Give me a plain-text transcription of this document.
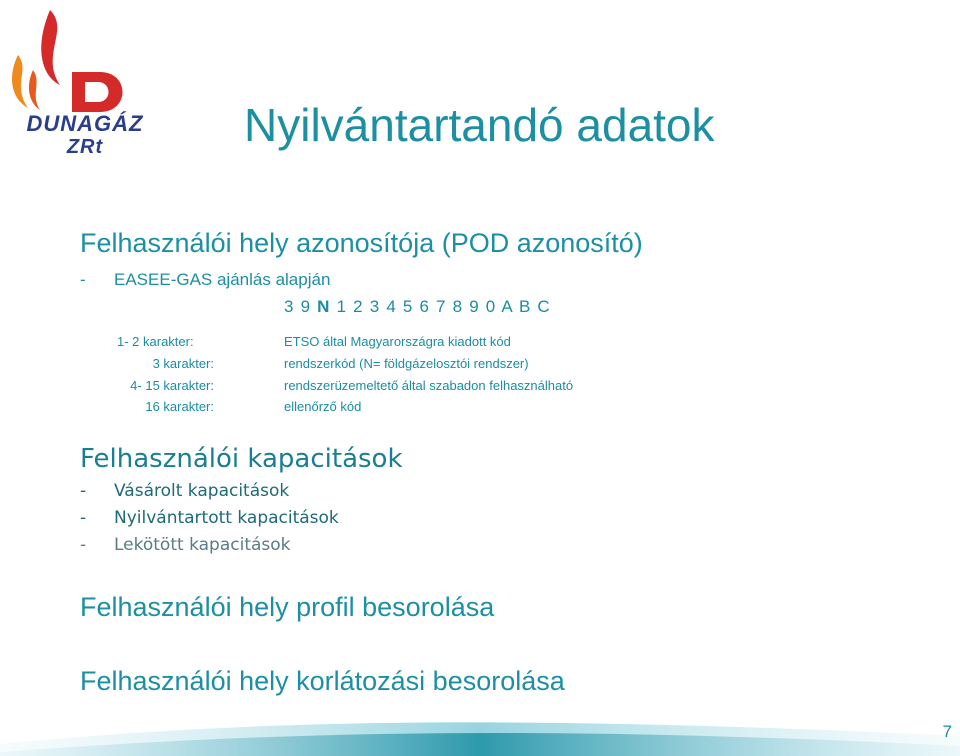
DUNAGÁZ
ZRt	Nyilvántartandó adatok
Felhasználói hely azonosítója (POD azonosító)
- EASEE-GAS ajánlás alapján
3 9 N 1 2 3 4 5 6 7 8 9 0 A B C
1- 2 karakter:	ETSO által Magyarországra kiadott kód
3 karakter:	rendszerkód (N= földgázelosztói rendszer)
4- 15 karakter:	rendszerüzemeltető által szabadon felhasználható
16 karakter:	ellenőrző kód
Felhasználói kapacitások
- Vásárolt kapacitások
- Nyilvántartott kapacitások
- Lekötött kapacitások
Felhasználói hely profil besorolása
Felhasználói hely korlátozási besorolása
7
